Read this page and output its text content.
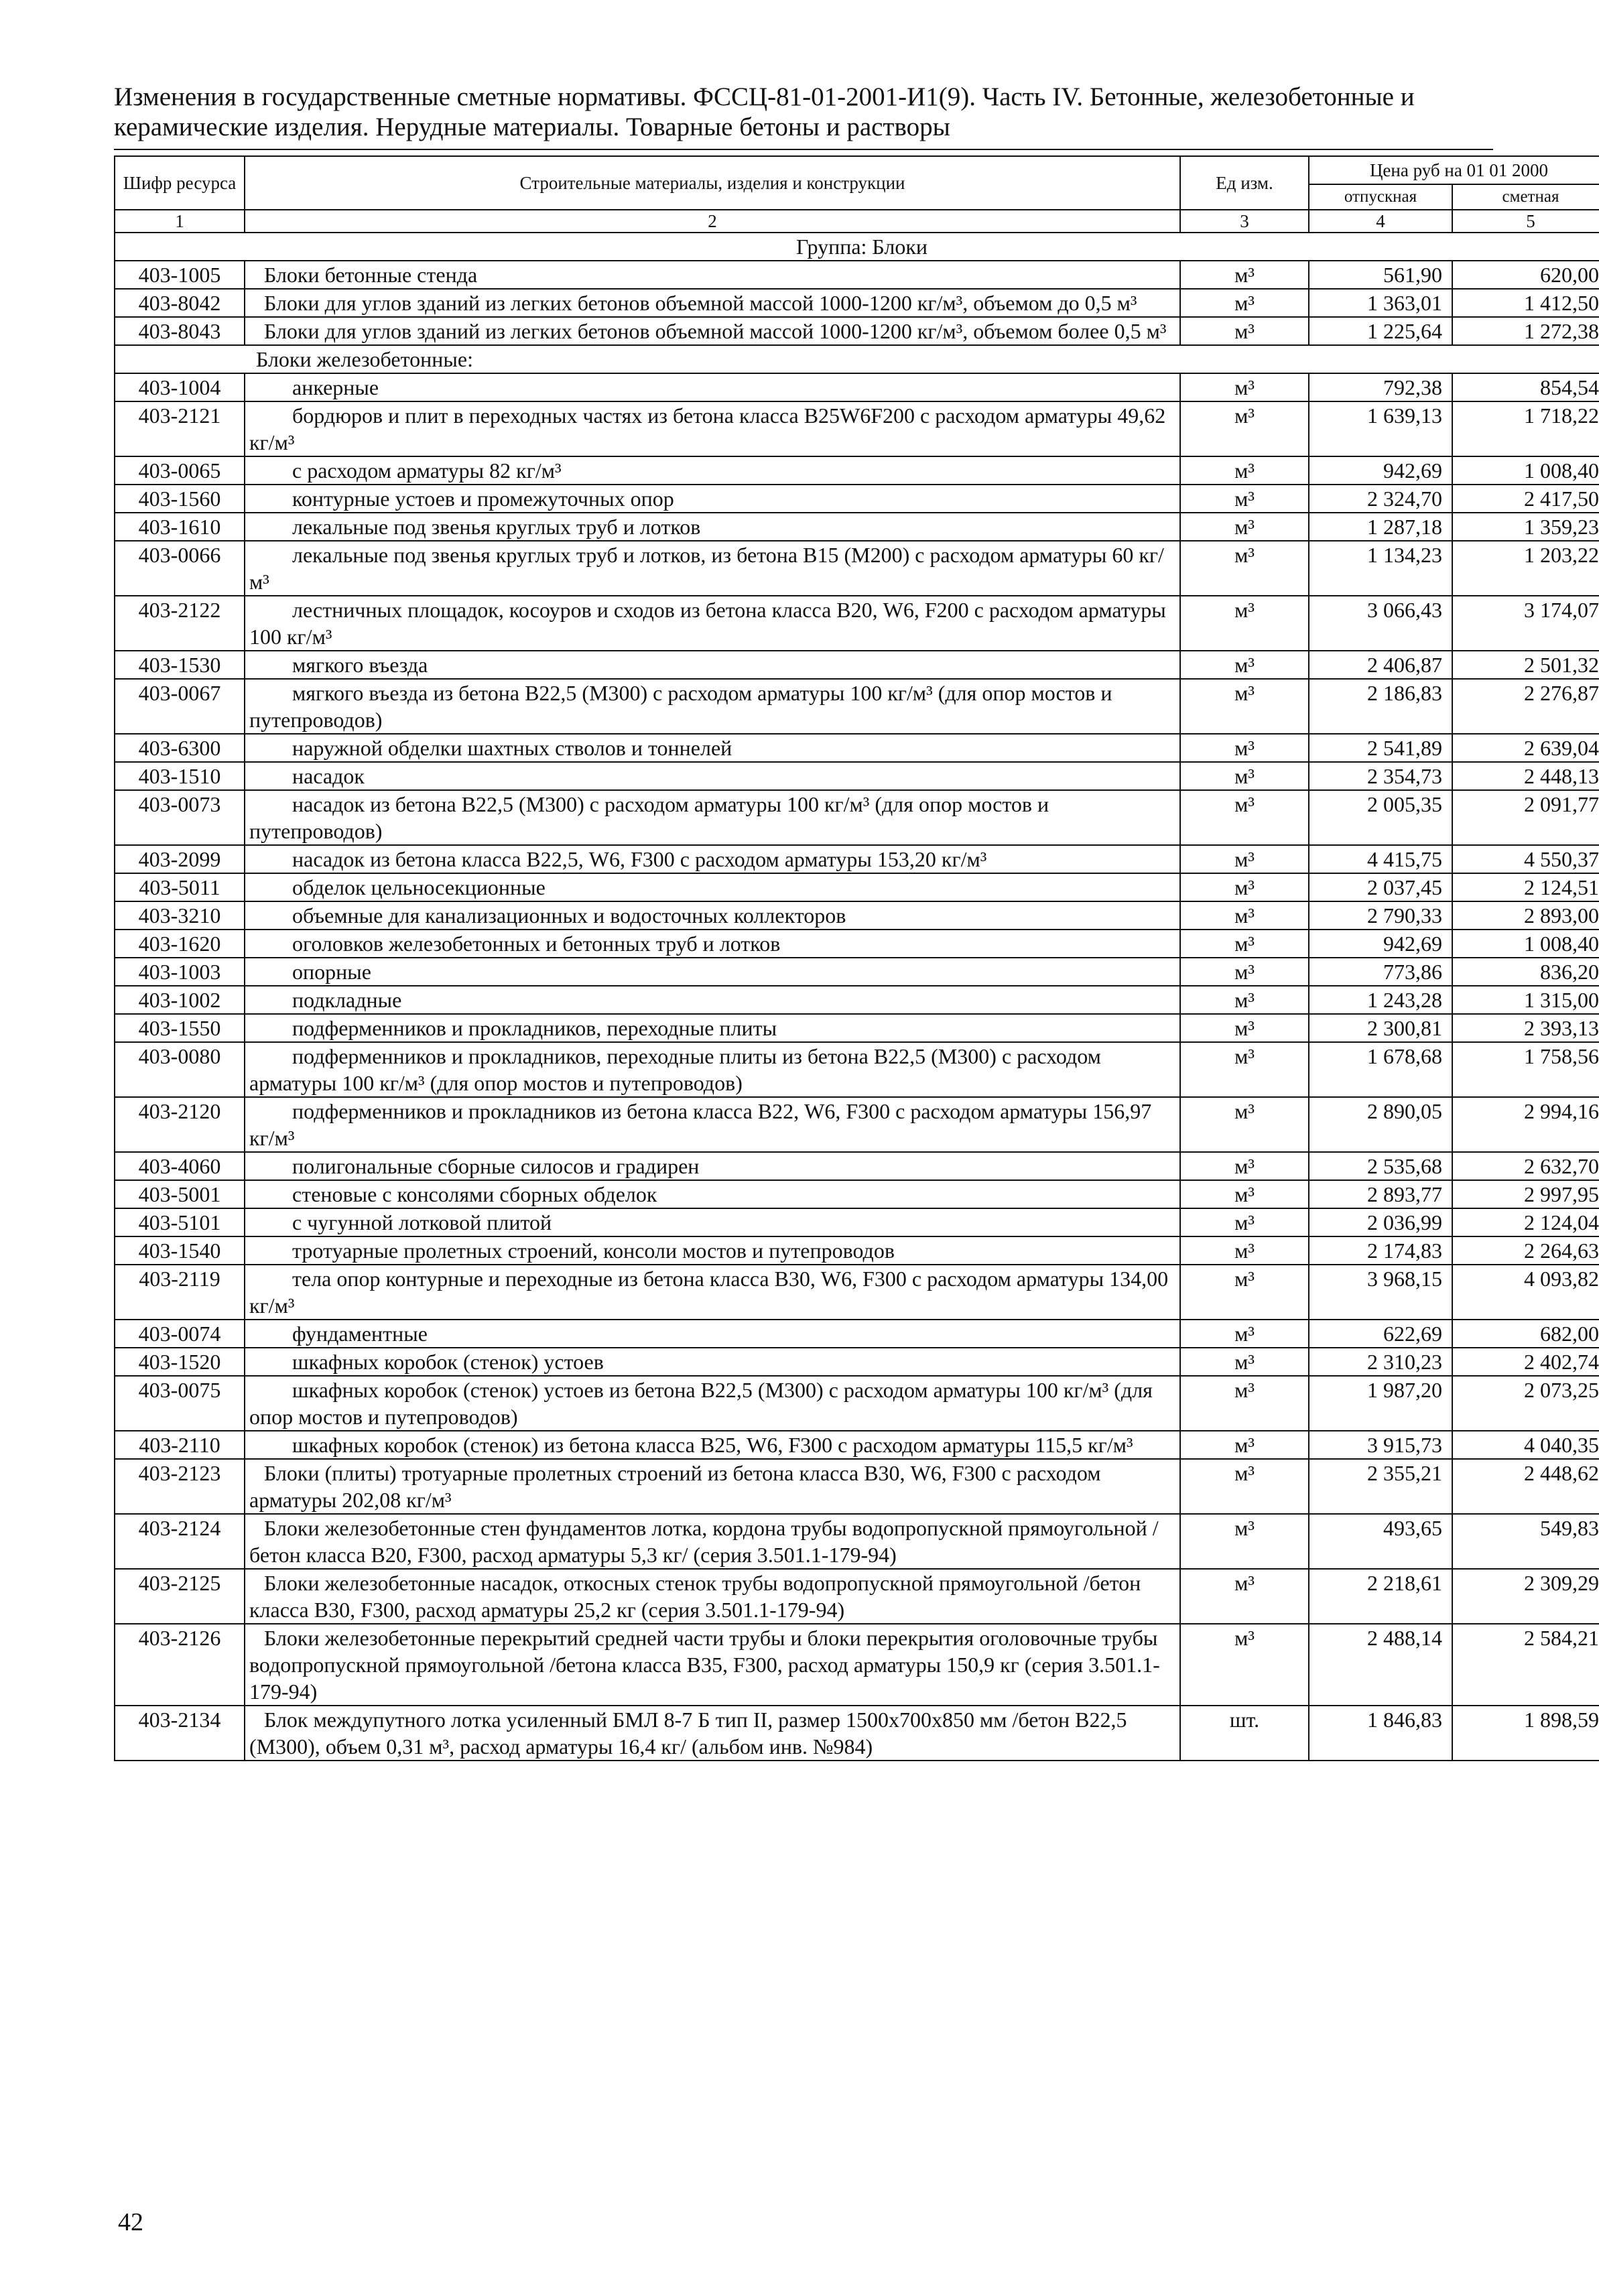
Изменения в государственные сметные нормативы. ФССЦ-81-01-2001-И1(9). Часть IV. Бетонные, железобетонные и керамические изделия. Нерудные материалы. Товарные бетоны и растворы
Шифр ресурса	Строительные материалы, изделия и конструкции	Ед изм.	Цена руб на 01 01 2000	
			отпускная	сметная
1	2	3	4	5
Группа: Блоки				
403-1005	Блоки бетонные стенда	м³	561,90	620,00
403-8042	Блоки для углов зданий из легких бетонов объемной массой 1000-1200 кг/м³, объемом до 0,5 м³	м³	1 363,01	1 412,50
403-8043	Блоки для углов зданий из легких бетонов объемной массой 1000-1200 кг/м³, объемом более 0,5 м³	м³	1 225,64	1 272,38
Блоки железобетонные:				
403-1004	анкерные	м³	792,38	854,54
403-2121	бордюров и плит в переходных частях из бетона класса В25W6F200 с расходом арматуры 49,62 кг/м³	м³	1 639,13	1 718,22
403-0065	с расходом арматуры 82 кг/м³	м³	942,69	1 008,40
403-1560	контурные устоев и промежуточных опор	м³	2 324,70	2 417,50
403-1610	лекальные под звенья круглых труб и лотков	м³	1 287,18	1 359,23
403-0066	лекальные под звенья круглых труб и лотков, из бетона В15 (М200) с расходом арматуры 60 кг/м³	м³	1 134,23	1 203,22
403-2122	лестничных площадок, косоуров и сходов из бетона класса В20, W6, F200 с расходом арматуры 100 кг/м³	м³	3 066,43	3 174,07
403-1530	мягкого въезда	м³	2 406,87	2 501,32
403-0067	мягкого въезда из бетона В22,5 (М300) с расходом арматуры 100 кг/м³ (для опор мостов и путепроводов)	м³	2 186,83	2 276,87
403-6300	наружной обделки шахтных стволов и тоннелей	м³	2 541,89	2 639,04
403-1510	насадок	м³	2 354,73	2 448,13
403-0073	насадок из бетона В22,5 (М300) с расходом арматуры 100 кг/м³ (для опор мостов и путепроводов)	м³	2 005,35	2 091,77
403-2099	насадок из бетона класса В22,5, W6, F300 с расходом арматуры 153,20 кг/м³	м³	4 415,75	4 550,37
403-5011	обделок цельносекционные	м³	2 037,45	2 124,51
403-3210	объемные для канализационных и водосточных коллекторов	м³	2 790,33	2 893,00
403-1620	оголовков железобетонных и бетонных труб и лотков	м³	942,69	1 008,40
403-1003	опорные	м³	773,86	836,20
403-1002	подкладные	м³	1 243,28	1 315,00
403-1550	подферменников и прокладников, переходные плиты	м³	2 300,81	2 393,13
403-0080	подферменников и прокладников, переходные плиты из бетона В22,5 (М300) с расходом арматуры 100 кг/м³ (для опор мостов и путепроводов)	м³	1 678,68	1 758,56
403-2120	подферменников и прокладников из бетона класса В22, W6, F300 с расходом арматуры 156,97 кг/м³	м³	2 890,05	2 994,16
403-4060	полигональные сборные силосов и градирен	м³	2 535,68	2 632,70
403-5001	стеновые с консолями сборных обделок	м³	2 893,77	2 997,95
403-5101	с чугунной лотковой плитой	м³	2 036,99	2 124,04
403-1540	тротуарные пролетных строений, консоли мостов и путепроводов	м³	2 174,83	2 264,63
403-2119	тела опор контурные и переходные из бетона класса В30, W6, F300 с расходом арматуры 134,00 кг/м³	м³	3 968,15	4 093,82
403-0074	фундаментные	м³	622,69	682,00
403-1520	шкафных коробок (стенок) устоев	м³	2 310,23	2 402,74
403-0075	шкафных коробок (стенок) устоев из бетона В22,5 (М300) с расходом арматуры 100 кг/м³ (для опор мостов и путепроводов)	м³	1 987,20	2 073,25
403-2110	шкафных коробок (стенок) из бетона класса В25, W6, F300 с расходом арматуры 115,5 кг/м³	м³	3 915,73	4 040,35
403-2123	Блоки (плиты) тротуарные пролетных строений из бетона класса В30, W6, F300 с расходом арматуры 202,08 кг/м³	м³	2 355,21	2 448,62
403-2124	Блоки железобетонные стен фундаментов лотка, кордона трубы водопропускной прямоугольной /бетон класса В20, F300, расход арматуры 5,3 кг/ (серия 3.501.1-179-94)	м³	493,65	549,83
403-2125	Блоки железобетонные насадок, откосных стенок трубы водопропускной прямоугольной /бетон класса В30, F300, расход арматуры 25,2 кг (серия 3.501.1-179-94)	м³	2 218,61	2 309,29
403-2126	Блоки железобетонные перекрытий средней части трубы и блоки перекрытия оголовочные трубы водопропускной прямоугольной /бетона класса В35, F300, расход арматуры 150,9 кг (серия 3.501.1-179-94)	м³	2 488,14	2 584,21
403-2134	Блок междупутного лотка усиленный БМЛ 8-7 Б тип II, размер 1500х700х850 мм /бетон В22,5 (М300), объем 0,31 м³, расход арматуры 16,4 кг/ (альбом инв. №984)	шт.	1 846,83	1 898,59
42
